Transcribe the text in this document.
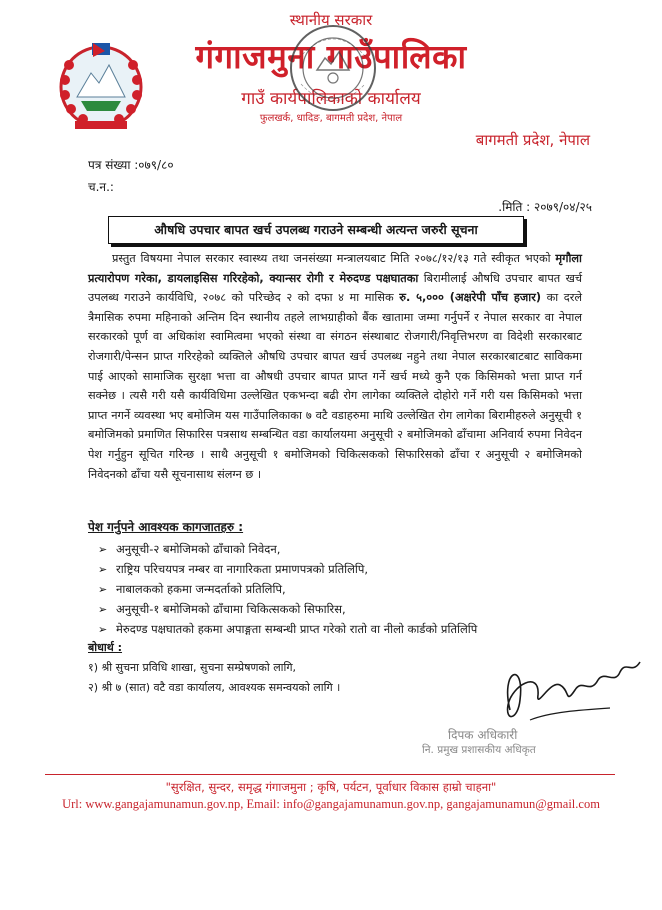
स्थानीय सरकार
गंगाजमुना गाउँपालिका
गाउँ कार्यपालिकाको कार्यालय
फुलखर्क, धादिङ, बागमती प्रदेश, नेपाल
बागमती प्रदेश, नेपाल
पत्र संख्या :०७९/८०
च.न.:
.मिति : २०७९/०४/२५
औषधि उपचार बापत खर्च उपलब्ध गराउने सम्बन्धी अत्यन्त जरुरी सूचना

प्रस्तुत विषयमा नेपाल सरकार स्वास्थ्य तथा जनसंख्या मन्त्रालयबाट मिति २०७८/१२/१३ गते स्वीकृत भएको मृगौला प्रत्यारोपण गरेका, डायलाइसिस गरिरहेको, क्यान्सर रोगी र मेरुदण्ड पक्षघातका बिरामीलाई औषधि उपचार बापत खर्च उपलब्ध गराउने कार्यविधि, २०७८ को परिच्छेद २ को दफा ४ मा मासिक रु. ५,००० (अक्षरेपी पाँच हजार) का दरले त्रैमासिक रुपमा महिनाको अन्तिम दिन स्थानीय तहले लाभग्राहीको बैंक खातामा जम्मा गर्नुपर्ने र नेपाल सरकार वा नेपाल सरकारको पूर्ण वा अधिकांश स्वामित्वमा भएको संस्था वा संगठन संस्थाबाट रोजगारी/निवृत्तिभरण वा विदेशी सरकारबाट रोजगारी/पेन्सन प्राप्त गरिरहेको व्यक्तिले औषधि उपचार बापत खर्च उपलब्ध नहुने तथा नेपाल सरकारबाटबाट साविकमा पाई आएको सामाजिक सुरक्षा भत्ता वा औषधी उपचार बापत प्राप्त गर्ने खर्च मध्ये कुनै एक किसिमको भत्ता प्राप्त गर्न सक्नेछ । त्यसै गरी यसै कार्यविधिमा उल्लेखित एकभन्दा बढी रोग लागेका व्यक्तिले दोहोरो गर्ने गरी यस किसिमको भत्ता प्राप्त नगर्ने व्यवस्था भए बमोजिम यस गाउँपालिकाका ७ वटै वडाहरुमा माथि उल्लेखित रोग लागेका बिरामीहरुले अनुसूची १ बमोजिमको प्रमाणित सिफारिस पत्रसाथ सम्बन्धित वडा कार्यालयमा अनुसूची २ बमोजिमको ढाँचामा अनिवार्य रुपमा निवेदन पेश गर्नुहुन सूचित गरिन्छ । साथै अनुसूची १ बमोजिमको चिकित्सकको सिफारिसको ढाँचा र अनुसूची २ बमोजिमको निवेदनको ढाँचा यसै सूचनासाथ संलग्न छ ।

पेश गर्नुपने आवश्यक कागजातहरु :
➢ अनुसूची-२ बमोजिमको ढाँचाको निवेदन,
➢ राष्ट्रिय परिचयपत्र नम्बर वा नागारिकता प्रमाणपत्रको प्रतिलिपि,
➢ नाबालकको हकमा जन्मदर्ताको प्रतिलिपि,
➢ अनुसूची-१ बमोजिमको ढाँचामा चिकित्सकको सिफारिस,
➢ मेरुदण्ड पक्षघातको हकमा अपाङ्गता सम्बन्धी प्राप्त गरेको रातो वा नीलो कार्डको प्रतिलिपि
बोधार्थ :
१) श्री सुचना प्रविधि शाखा, सुचना सम्प्रेषणको लागि,
२) श्री ७ (सात) वटै वडा कार्यालय, आवश्यक समन्वयको लागि ।
दिपक अधिकारी
नि. प्रमुख प्रशासकीय अधिकृत
"सुरक्षित, सुन्दर, समृद्ध गंगाजमुना ; कृषि, पर्यटन, पूर्वाधार विकास हाम्रो चाहना"
Url: www.gangajamunamun.gov.np, Email: info@gangajamunamun.gov.np, gangajamunamun@gmail.com
